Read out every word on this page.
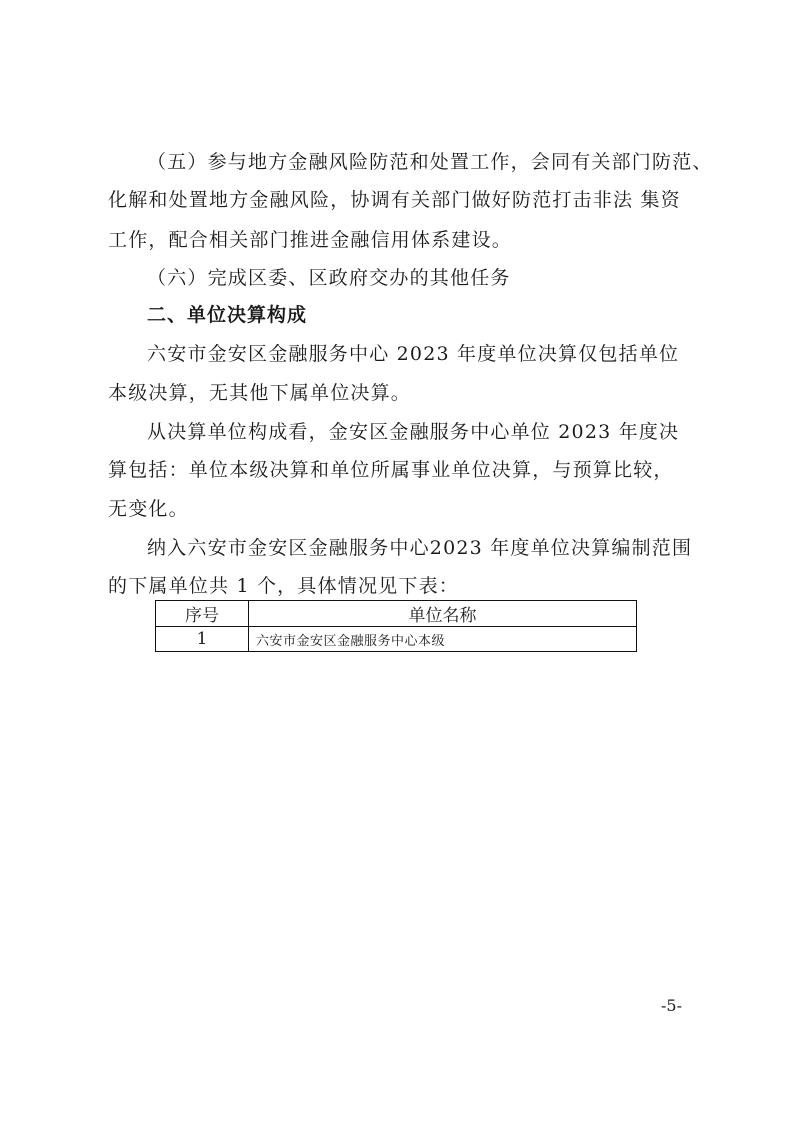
（五）参与地方金融风险防范和处置工作，会同有关部门防范、
化解和处置地方金融风险，协调有关部门做好防范打击非法 集资
工作，配合相关部门推进金融信用体系建设。
（六）完成区委、区政府交办的其他任务
二、单位决算构成
六安市金安区金融服务中心 2023 年度单位决算仅包括单位
本级决算，无其他下属单位决算。
从决算单位构成看，金安区金融服务中心单位 2023 年度决
算包括：单位本级决算和单位所属事业单位决算，与预算比较，
无变化。
纳入六安市金安区金融服务中心2023 年度单位决算编制范围
的下属单位共 1 个，具体情况见下表：
序号	单位名称
1	六安市金安区金融服务中心本级
-5-
